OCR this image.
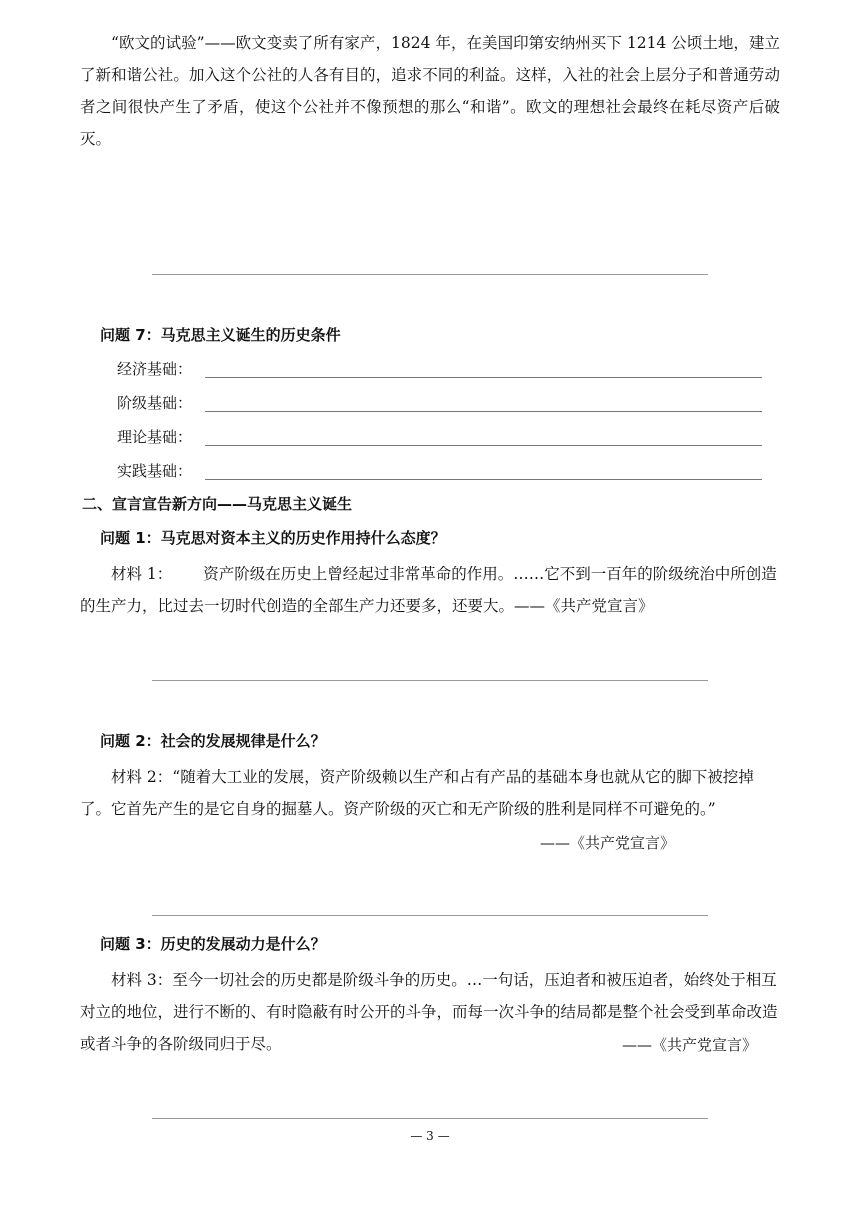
“欧文的试验”——欧文变卖了所有家产，1824 年，在美国印第安纳州买下 1214 公顷土地，建立了新和谐公社。加入这个公社的人各有目的，追求不同的利益。这样，入社的社会上层分子和普通劳动者之间很快产生了矛盾，使这个公社并不像预想的那么“和谐”。欧文的理想社会最终在耗尽资产后破灭。
问题 7：马克思主义诞生的历史条件
经济基础：
阶级基础：
理论基础：
实践基础：
二、宣言宣告新方向——马克思主义诞生
问题 1：马克思对资本主义的历史作用持什么态度？
材料 1： 资产阶级在历史上曾经起过非常革命的作用。……它不到一百年的阶级统治中所创造的生产力，比过去一切时代创造的全部生产力还要多，还要大。——《共产党宣言》
问题 2：社会的发展规律是什么？
材料 2：“随着大工业的发展，资产阶级赖以生产和占有产品的基础本身也就从它的脚下被挖掉了。它首先产生的是它自身的掘墓人。资产阶级的灭亡和无产阶级的胜利是同样不可避免的。”
——《共产党宣言》
问题 3：历史的发展动力是什么？
材料 3：至今一切社会的历史都是阶级斗争的历史。…一句话，压迫者和被压迫者，始终处于相互对立的地位，进行不断的、有时隐蔽有时公开的斗争，而每一次斗争的结局都是整个社会受到革命改造或者斗争的各阶级同归于尽。	——《共产党宣言》
— 3 —
